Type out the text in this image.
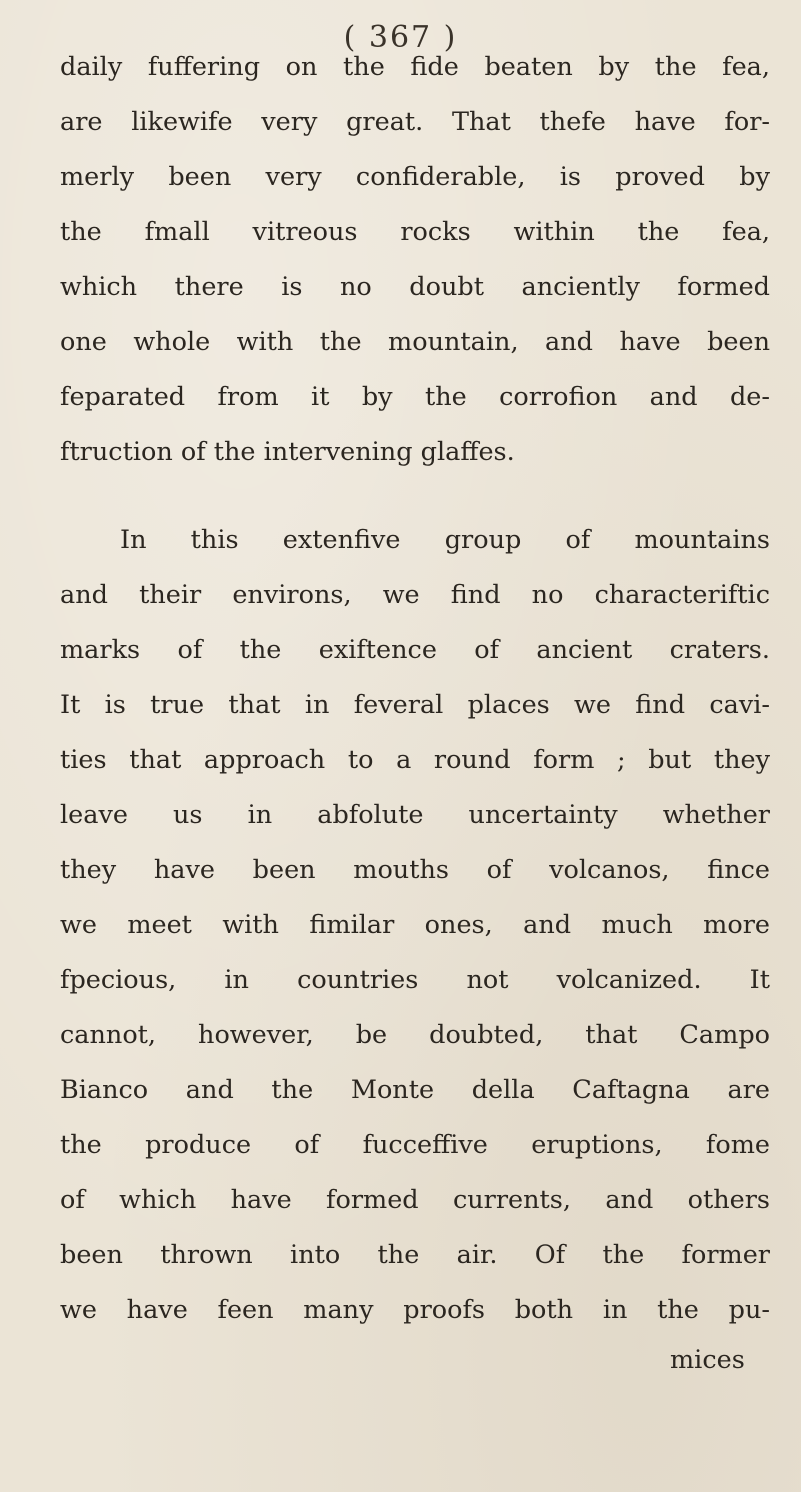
( 367 )
daily fuffering on the fide beaten by the fea,
are likewife very great. That thefe have for-
merly been very confiderable, is proved by
the fmall vitreous rocks within the fea,
which there is no doubt anciently formed
one whole with the mountain, and have been
feparated from it by the corrofion and de-
ftruction of the intervening glaffes.
In this extenfive group of mountains
and their environs, we find no characteriftic
marks of the exiftence of ancient craters.
It is true that in feveral places we find cavi-
ties that approach to a round form ; but they
leave us in abfolute uncertainty whether
they have been mouths of volcanos, fince
we meet with fimilar ones, and much more
fpecious, in countries not volcanized. It
cannot, however, be doubted, that Campo
Bianco and the Monte della Caftagna are
the produce of fucceffive eruptions, fome
of which have formed currents, and others
been thrown into the air. Of the former
we have feen many proofs both in the pu-
mices
